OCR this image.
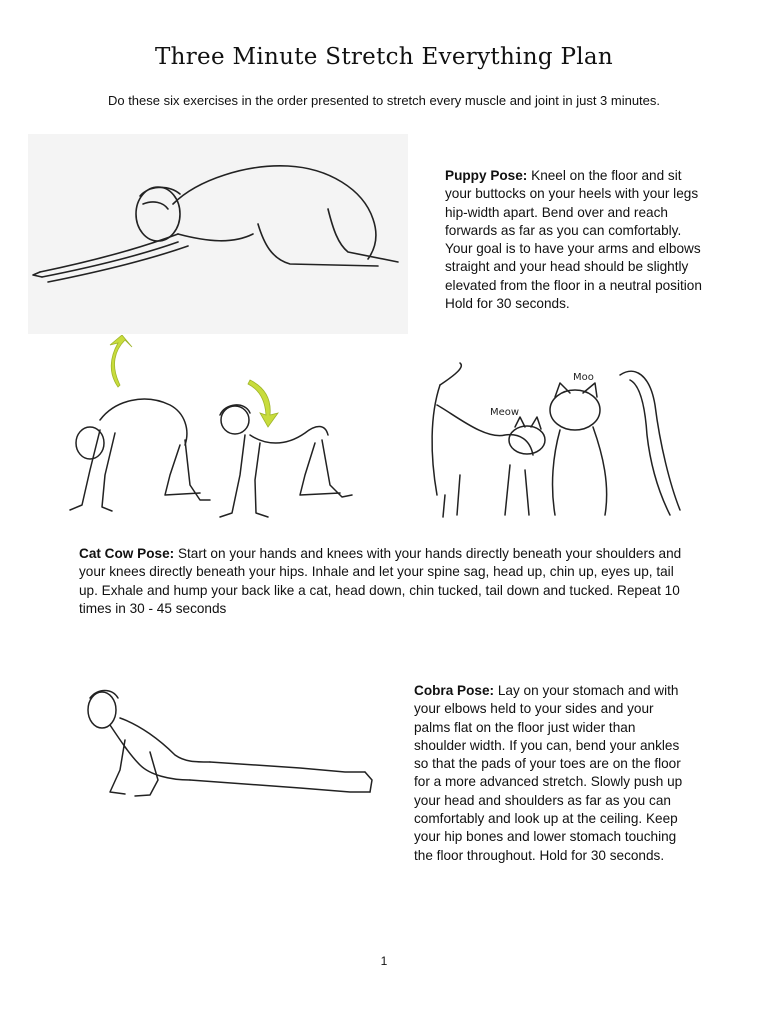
Three Minute Stretch Everything Plan
Do these six exercises in the order presented to stretch every muscle and joint in just 3 minutes.
Puppy Pose: Kneel on the floor and sit your buttocks on your heels with your legs hip-width apart. Bend over and reach forwards as far as you can comfortably. Your goal is to have your arms and elbows straight and your head should be slightly elevated from the floor in a neutral position Hold for 30 seconds.
Meow
Moo
Cat Cow Pose: Start on your hands and knees with your hands directly beneath your shoulders and your knees directly beneath your hips. Inhale and let your spine sag, head up, chin up, eyes up, tail up. Exhale and hump your back like a cat, head down, chin tucked, tail down and tucked. Repeat 10 times in 30 - 45 seconds
Cobra Pose: Lay on your stomach and with your elbows held to your sides and your palms flat on the floor just wider than shoulder width. If you can, bend your ankles so that the pads of your toes are on the floor for a more advanced stretch. Slowly push up your head and shoulders as far as you can comfortably and look up at the ceiling. Keep your hip bones and lower stomach touching the floor throughout. Hold for 30 seconds.
1
